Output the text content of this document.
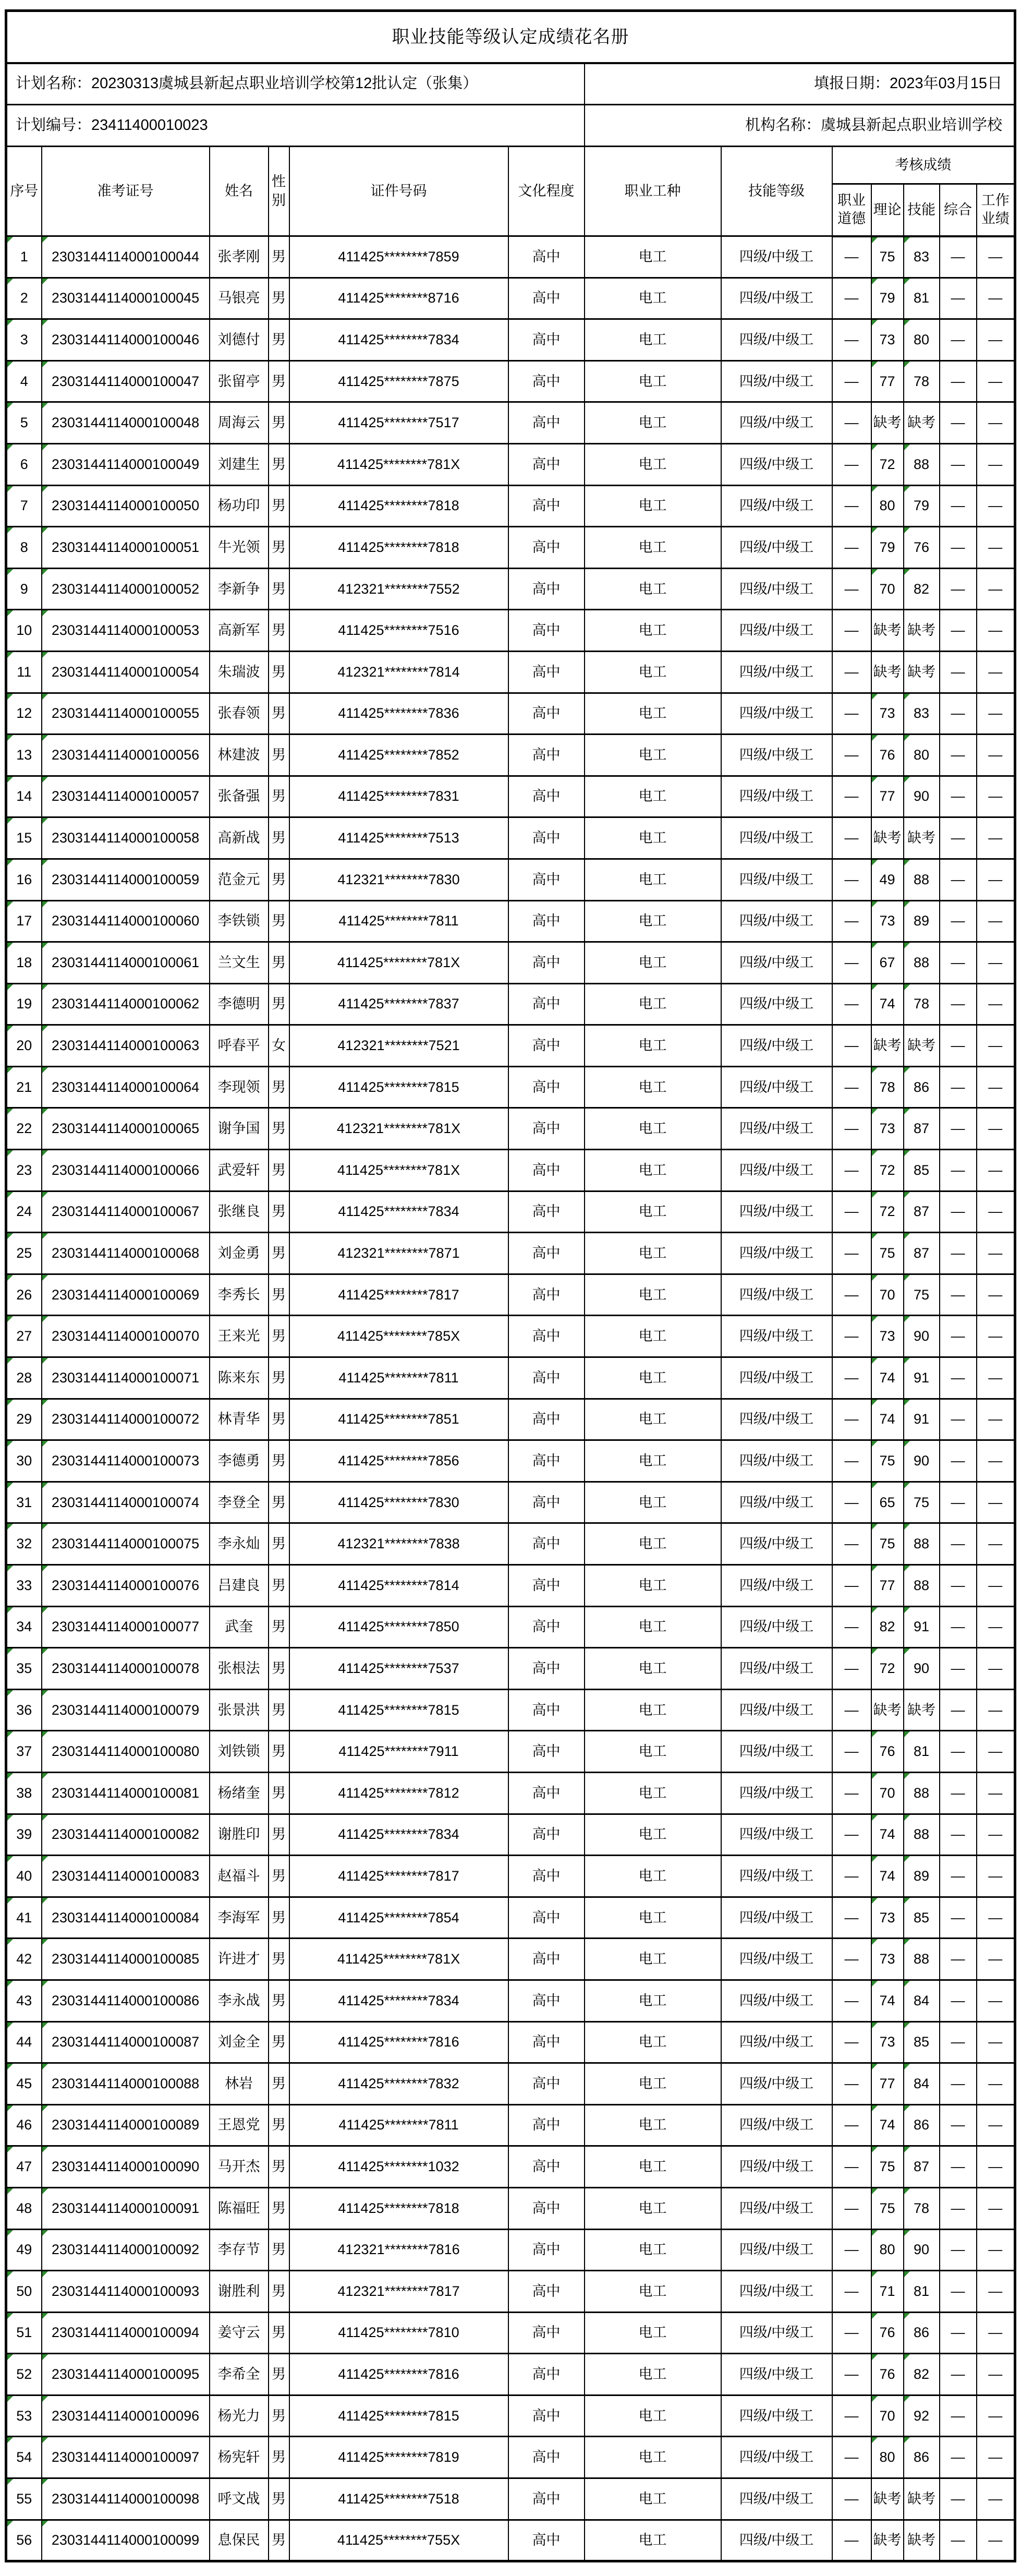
职业技能等级认定成绩花名册												
计划名称：20230313虞城县新起点职业培训学校第12批认定（张集）						填报日期：2023年03月15日						
计划编号：23411400010023						机构名称：虞城县新起点职业培训学校						
序号	准考证号	姓名	性别	证件号码	文化程度	职业工种	技能等级	考核成绩				
								职业道德	理论	技能	综合	工作业绩
1	2303144114000100044	张孝刚	男	411425********7859	高中	电工	四级/中级工	—	75	83	—	—
2	2303144114000100045	马银亮	男	411425********8716	高中	电工	四级/中级工	—	79	81	—	—
3	2303144114000100046	刘德付	男	411425********7834	高中	电工	四级/中级工	—	73	80	—	—
4	2303144114000100047	张留亭	男	411425********7875	高中	电工	四级/中级工	—	77	78	—	—
5	2303144114000100048	周海云	男	411425********7517	高中	电工	四级/中级工	—	缺考	缺考	—	—
6	2303144114000100049	刘建生	男	411425********781X	高中	电工	四级/中级工	—	72	88	—	—
7	2303144114000100050	杨功印	男	411425********7818	高中	电工	四级/中级工	—	80	79	—	—
8	2303144114000100051	牛光领	男	411425********7818	高中	电工	四级/中级工	—	79	76	—	—
9	2303144114000100052	李新争	男	412321********7552	高中	电工	四级/中级工	—	70	82	—	—
10	2303144114000100053	高新军	男	411425********7516	高中	电工	四级/中级工	—	缺考	缺考	—	—
11	2303144114000100054	朱瑞波	男	412321********7814	高中	电工	四级/中级工	—	缺考	缺考	—	—
12	2303144114000100055	张春领	男	411425********7836	高中	电工	四级/中级工	—	73	83	—	—
13	2303144114000100056	林建波	男	411425********7852	高中	电工	四级/中级工	—	76	80	—	—
14	2303144114000100057	张备强	男	411425********7831	高中	电工	四级/中级工	—	77	90	—	—
15	2303144114000100058	高新战	男	411425********7513	高中	电工	四级/中级工	—	缺考	缺考	—	—
16	2303144114000100059	范金元	男	412321********7830	高中	电工	四级/中级工	—	49	88	—	—
17	2303144114000100060	李铁锁	男	411425********7811	高中	电工	四级/中级工	—	73	89	—	—
18	2303144114000100061	兰文生	男	411425********781X	高中	电工	四级/中级工	—	67	88	—	—
19	2303144114000100062	李德明	男	411425********7837	高中	电工	四级/中级工	—	74	78	—	—
20	2303144114000100063	呼春平	女	412321********7521	高中	电工	四级/中级工	—	缺考	缺考	—	—
21	2303144114000100064	李现领	男	411425********7815	高中	电工	四级/中级工	—	78	86	—	—
22	2303144114000100065	谢争国	男	412321********781X	高中	电工	四级/中级工	—	73	87	—	—
23	2303144114000100066	武爱轩	男	411425********781X	高中	电工	四级/中级工	—	72	85	—	—
24	2303144114000100067	张继良	男	411425********7834	高中	电工	四级/中级工	—	72	87	—	—
25	2303144114000100068	刘金勇	男	412321********7871	高中	电工	四级/中级工	—	75	87	—	—
26	2303144114000100069	李秀长	男	411425********7817	高中	电工	四级/中级工	—	70	75	—	—
27	2303144114000100070	王来光	男	411425********785X	高中	电工	四级/中级工	—	73	90	—	—
28	2303144114000100071	陈来东	男	411425********7811	高中	电工	四级/中级工	—	74	91	—	—
29	2303144114000100072	林青华	男	411425********7851	高中	电工	四级/中级工	—	74	91	—	—
30	2303144114000100073	李德勇	男	411425********7856	高中	电工	四级/中级工	—	75	90	—	—
31	2303144114000100074	李登全	男	411425********7830	高中	电工	四级/中级工	—	65	75	—	—
32	2303144114000100075	李永灿	男	412321********7838	高中	电工	四级/中级工	—	75	88	—	—
33	2303144114000100076	吕建良	男	411425********7814	高中	电工	四级/中级工	—	77	88	—	—
34	2303144114000100077	武奎	男	411425********7850	高中	电工	四级/中级工	—	82	91	—	—
35	2303144114000100078	张根法	男	411425********7537	高中	电工	四级/中级工	—	72	90	—	—
36	2303144114000100079	张景洪	男	411425********7815	高中	电工	四级/中级工	—	缺考	缺考	—	—
37	2303144114000100080	刘铁锁	男	411425********7911	高中	电工	四级/中级工	—	76	81	—	—
38	2303144114000100081	杨绪奎	男	411425********7812	高中	电工	四级/中级工	—	70	88	—	—
39	2303144114000100082	谢胜印	男	411425********7834	高中	电工	四级/中级工	—	74	88	—	—
40	2303144114000100083	赵福斗	男	411425********7817	高中	电工	四级/中级工	—	74	89	—	—
41	2303144114000100084	李海军	男	411425********7854	高中	电工	四级/中级工	—	73	85	—	—
42	2303144114000100085	许进才	男	411425********781X	高中	电工	四级/中级工	—	73	88	—	—
43	2303144114000100086	李永战	男	411425********7834	高中	电工	四级/中级工	—	74	84	—	—
44	2303144114000100087	刘金全	男	411425********7816	高中	电工	四级/中级工	—	73	85	—	—
45	2303144114000100088	林岩	男	411425********7832	高中	电工	四级/中级工	—	77	84	—	—
46	2303144114000100089	王恩党	男	411425********7811	高中	电工	四级/中级工	—	74	86	—	—
47	2303144114000100090	马开杰	男	411425********1032	高中	电工	四级/中级工	—	75	87	—	—
48	2303144114000100091	陈福旺	男	411425********7818	高中	电工	四级/中级工	—	75	78	—	—
49	2303144114000100092	李存节	男	412321********7816	高中	电工	四级/中级工	—	80	90	—	—
50	2303144114000100093	谢胜利	男	412321********7817	高中	电工	四级/中级工	—	71	81	—	—
51	2303144114000100094	姜守云	男	411425********7810	高中	电工	四级/中级工	—	76	86	—	—
52	2303144114000100095	李希全	男	411425********7816	高中	电工	四级/中级工	—	76	82	—	—
53	2303144114000100096	杨光力	男	411425********7815	高中	电工	四级/中级工	—	70	92	—	—
54	2303144114000100097	杨宪轩	男	411425********7819	高中	电工	四级/中级工	—	80	86	—	—
55	2303144114000100098	呼文战	男	411425********7518	高中	电工	四级/中级工	—	缺考	缺考	—	—
56	2303144114000100099	息保民	男	411425********755X	高中	电工	四级/中级工	—	缺考	缺考	—	—
